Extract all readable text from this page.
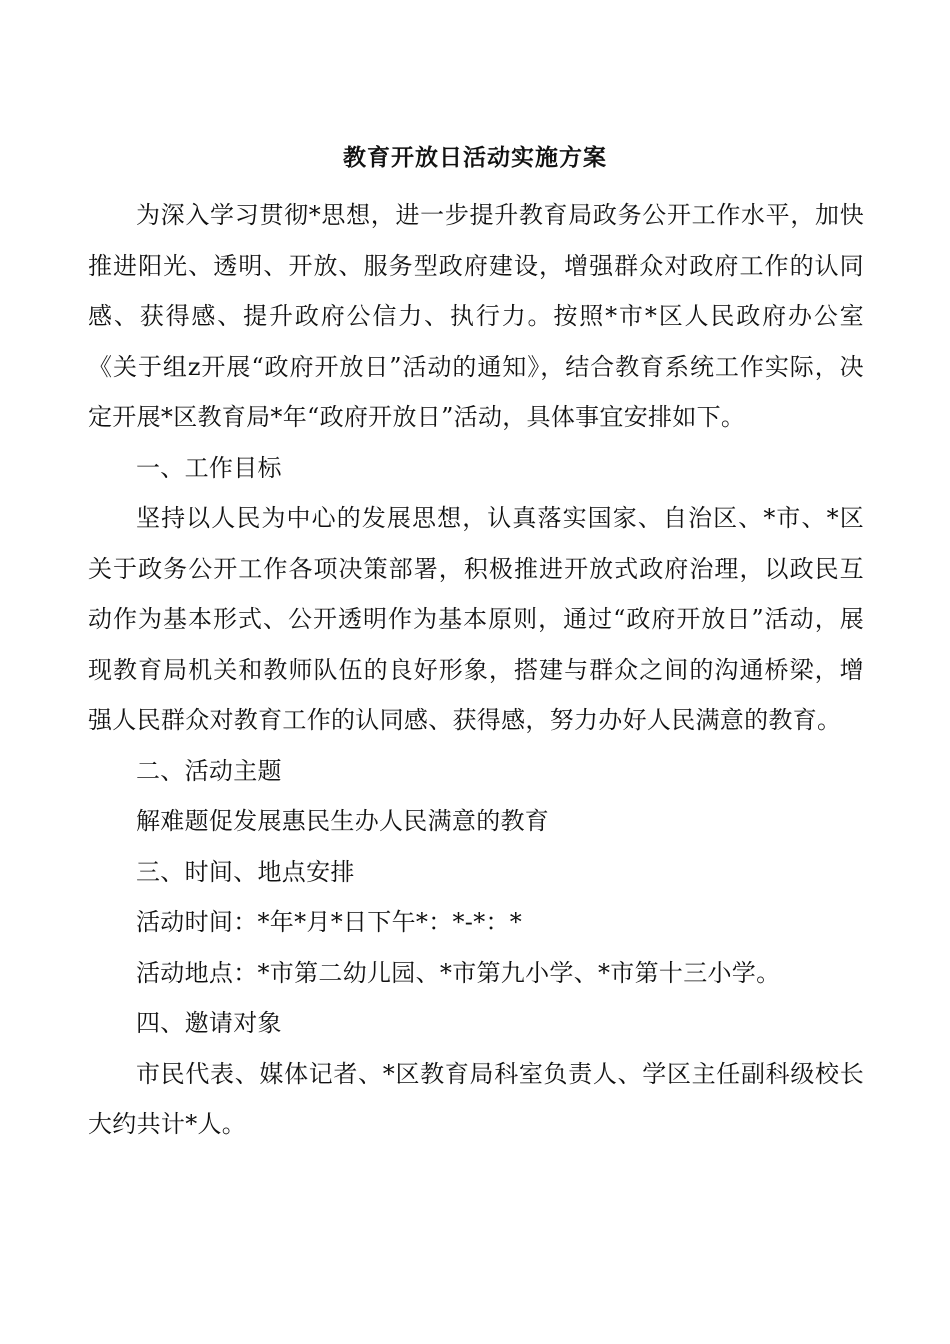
教育开放日活动实施方案

为深入学习贯彻*思想，进一步提升教育局政务公开工作水平，加快推进阳光、透明、开放、服务型政府建设，增强群众对政府工作的认同感、获得感、提升政府公信力、执行力。按照*市*区人民政府办公室《关于组z开展“政府开放日”活动的通知》，结合教育系统工作实际，决定开展*区教育局*年“政府开放日”活动，具体事宜安排如下。

一、工作目标

坚持以人民为中心的发展思想，认真落实国家、自治区、*市、*区关于政务公开工作各项决策部署，积极推进开放式政府治理，以政民互动作为基本形式、公开透明作为基本原则，通过“政府开放日”活动，展现教育局机关和教师队伍的良好形象，搭建与群众之间的沟通桥梁，增强人民群众对教育工作的认同感、获得感，努力办好人民满意的教育。

二、活动主题

解难题促发展惠民生办人民满意的教育

三、时间、地点安排

活动时间：*年*月*日下午*：*-*：*

活动地点：*市第二幼儿园、*市第九小学、*市第十三小学。

四、邀请对象

市民代表、媒体记者、*区教育局科室负责人、学区主任副科级校长大约共计*人。
